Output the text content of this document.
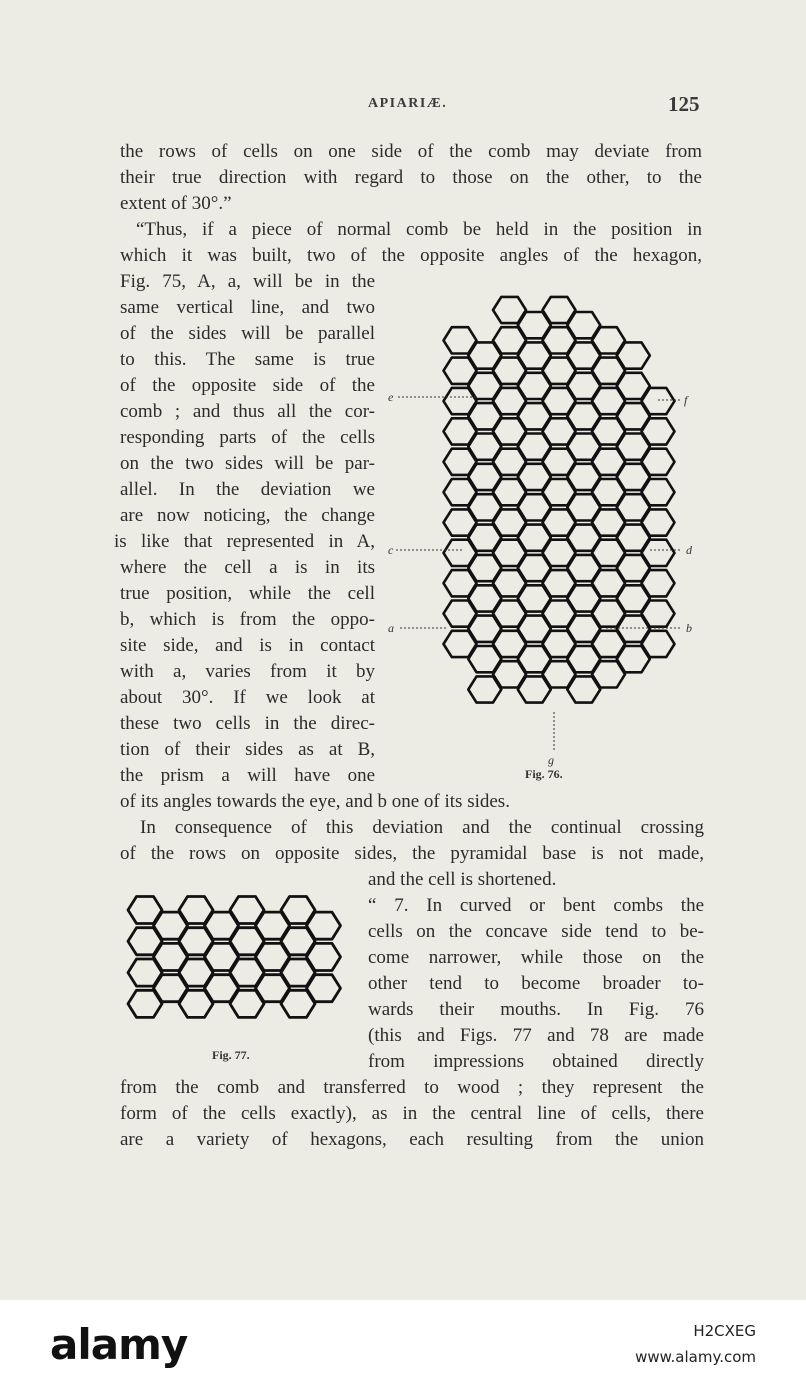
APIARIÆ.	125
the rows of cells on one side of the comb may deviate from
their true direction with regard to those on the other, to the
extent of 30°.”
“Thus, if a piece of normal comb be held in the position in
which it was built, two of the opposite angles of the hexagon,
Fig. 75, A, a, will be in the
same vertical line, and two
of the sides will be parallel
to this. The same is true
of the opposite side of the
comb ; and thus all the cor-
responding parts of the cells
on the two sides will be par-
allel. In the deviation we
are now noticing, the change
is like that represented in A,
where the cell a is in its
true position, while the cell
b, which is from the oppo-
site side, and is in contact
with a, varies from it by
about 30°. If we look at
these two cells in the direc-
tion of their sides as at B,
the prism a will have one
e	f
c	d
a	b
g
Fig. 76.
of its angles towards the eye, and b one of its sides.
In consequence of this deviation and the continual crossing
of the rows on opposite sides, the pyramidal base is not made,
and the cell is shortened.
Fig. 77.
“ 7. In curved or bent combs the
cells on the concave side tend to be-
come narrower, while those on the
other tend to become broader to-
wards their mouths. In Fig. 76
(this and Figs. 77 and 78 are made
from impressions obtained directly
from the comb and transferred to wood ; they represent the
form of the cells exactly), as in the central line of cells, there
are a variety of hexagons, each resulting from the union
alamy	H2CXEG
www.alamy.com
